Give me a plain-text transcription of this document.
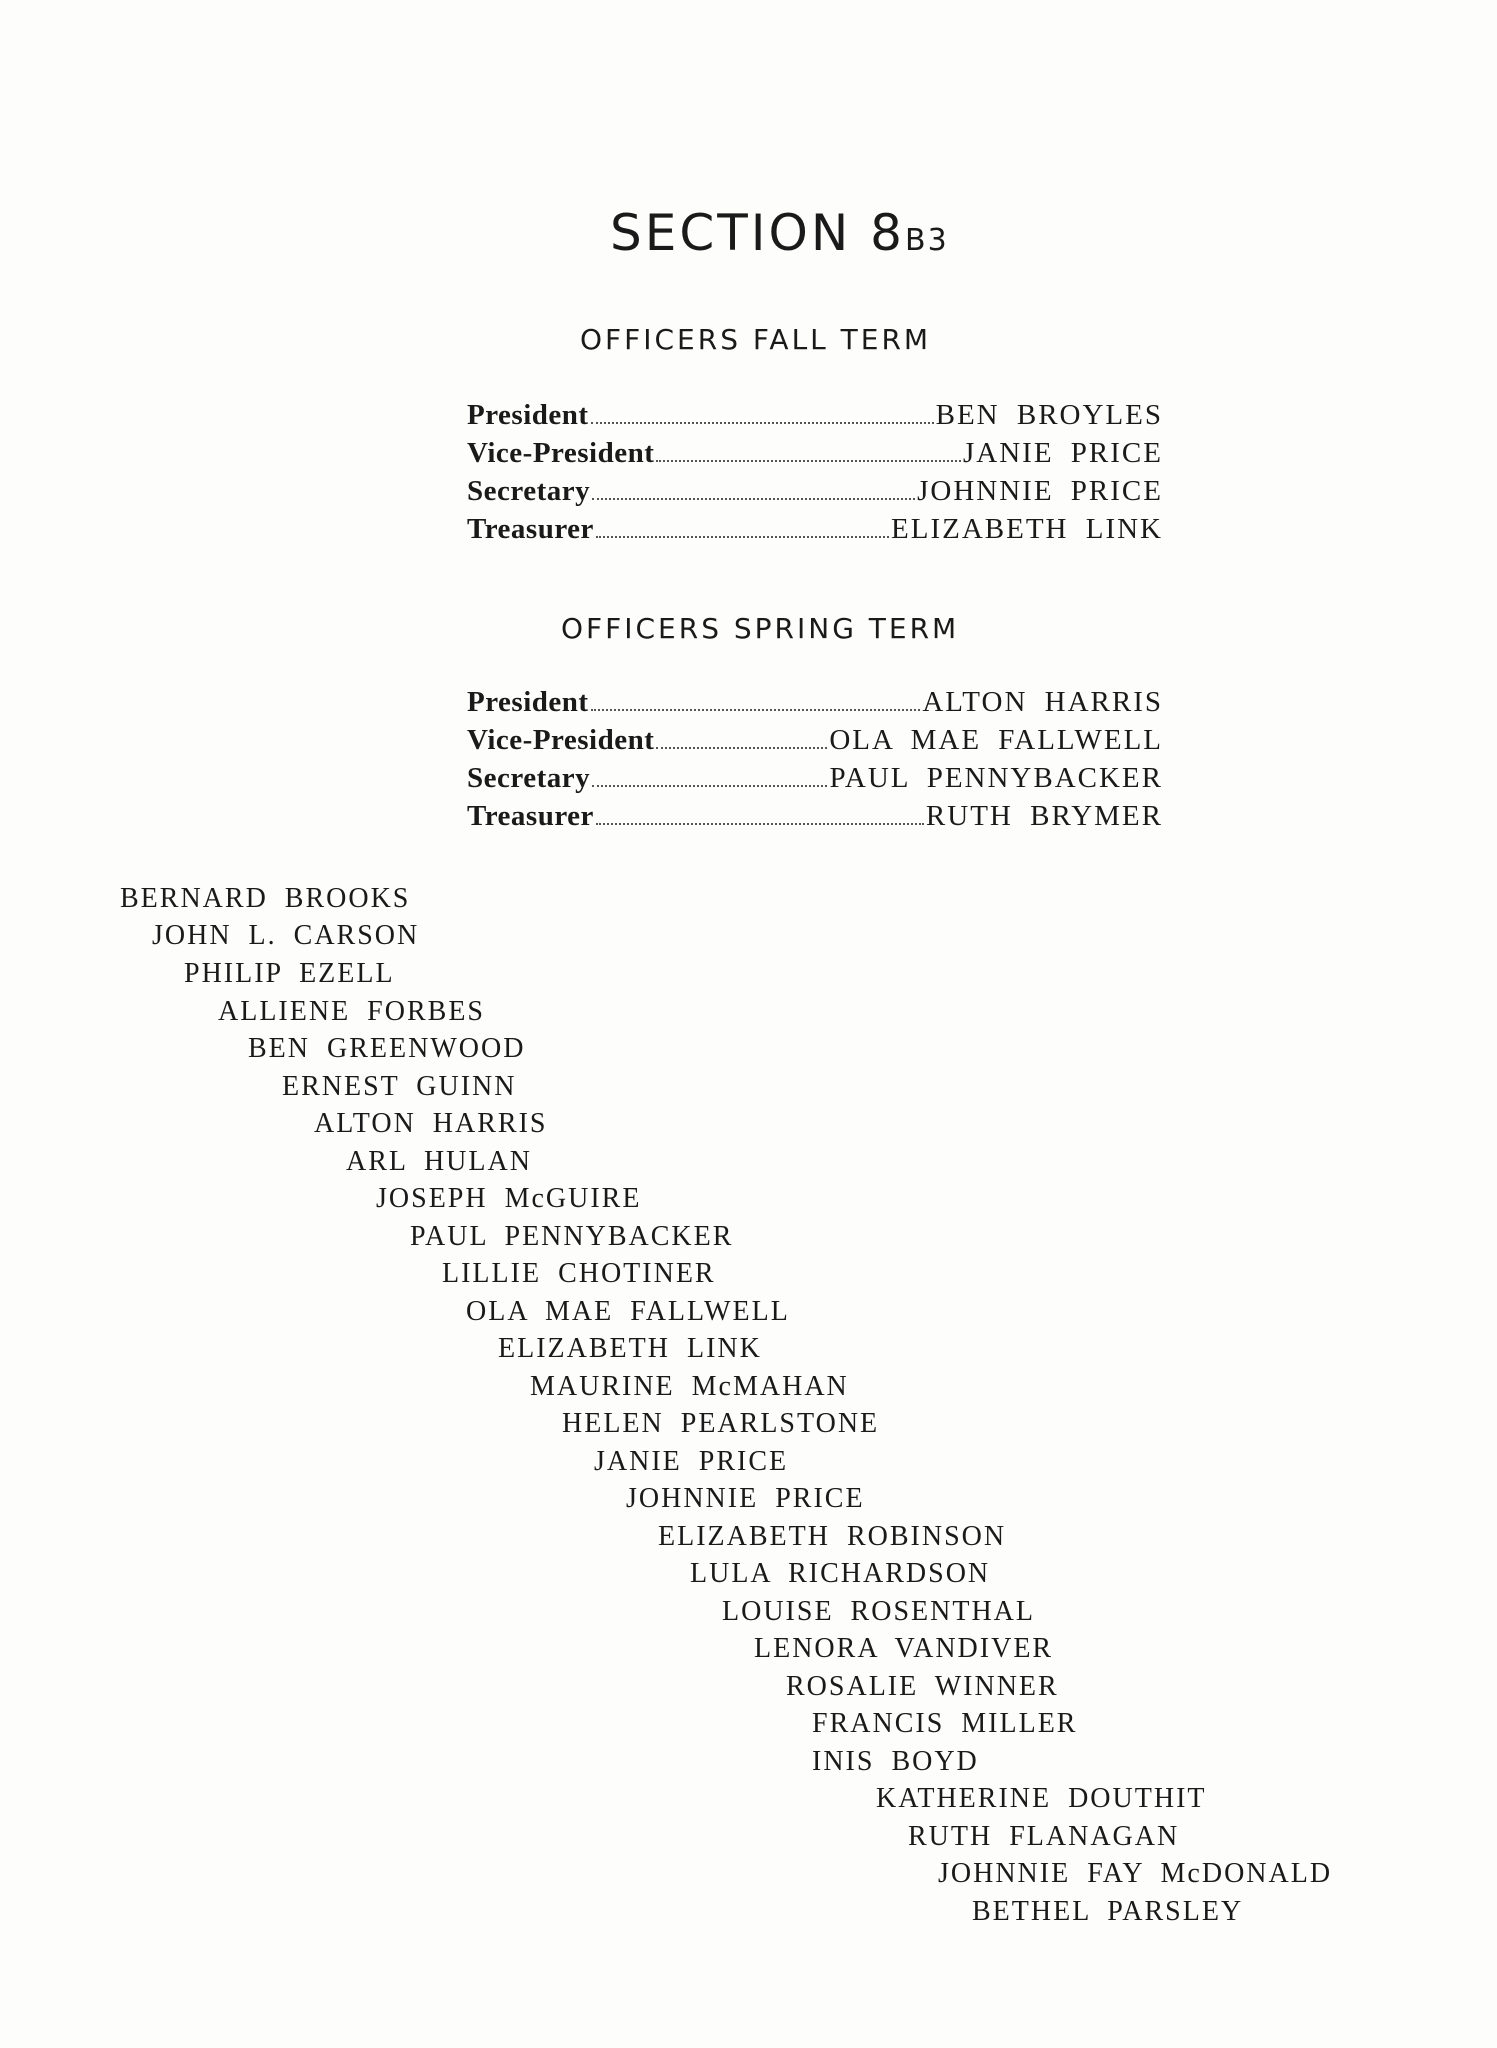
SECTION 8B3
OFFICERS FALL TERM
President	BEN BROYLES
Vice-President	JANIE PRICE
Secretary	JOHNNIE PRICE
Treasurer	ELIZABETH LINK
OFFICERS SPRING TERM
President	ALTON HARRIS
Vice-President	OLA MAE FALLWELL
Secretary	PAUL PENNYBACKER
Treasurer	RUTH BRYMER
BERNARD BROOKS
JOHN L. CARSON
PHILIP EZELL
ALLIENE FORBES
BEN GREENWOOD
ERNEST GUINN
ALTON HARRIS
ARL HULAN
JOSEPH McGUIRE
PAUL PENNYBACKER
LILLIE CHOTINER
OLA MAE FALLWELL
ELIZABETH LINK
MAURINE McMAHAN
HELEN PEARLSTONE
JANIE PRICE
JOHNNIE PRICE
ELIZABETH ROBINSON
LULA RICHARDSON
LOUISE ROSENTHAL
LENORA VANDIVER
ROSALIE WINNER
FRANCIS MILLER
INIS BOYD
KATHERINE DOUTHIT
RUTH FLANAGAN
JOHNNIE FAY McDONALD
BETHEL PARSLEY
